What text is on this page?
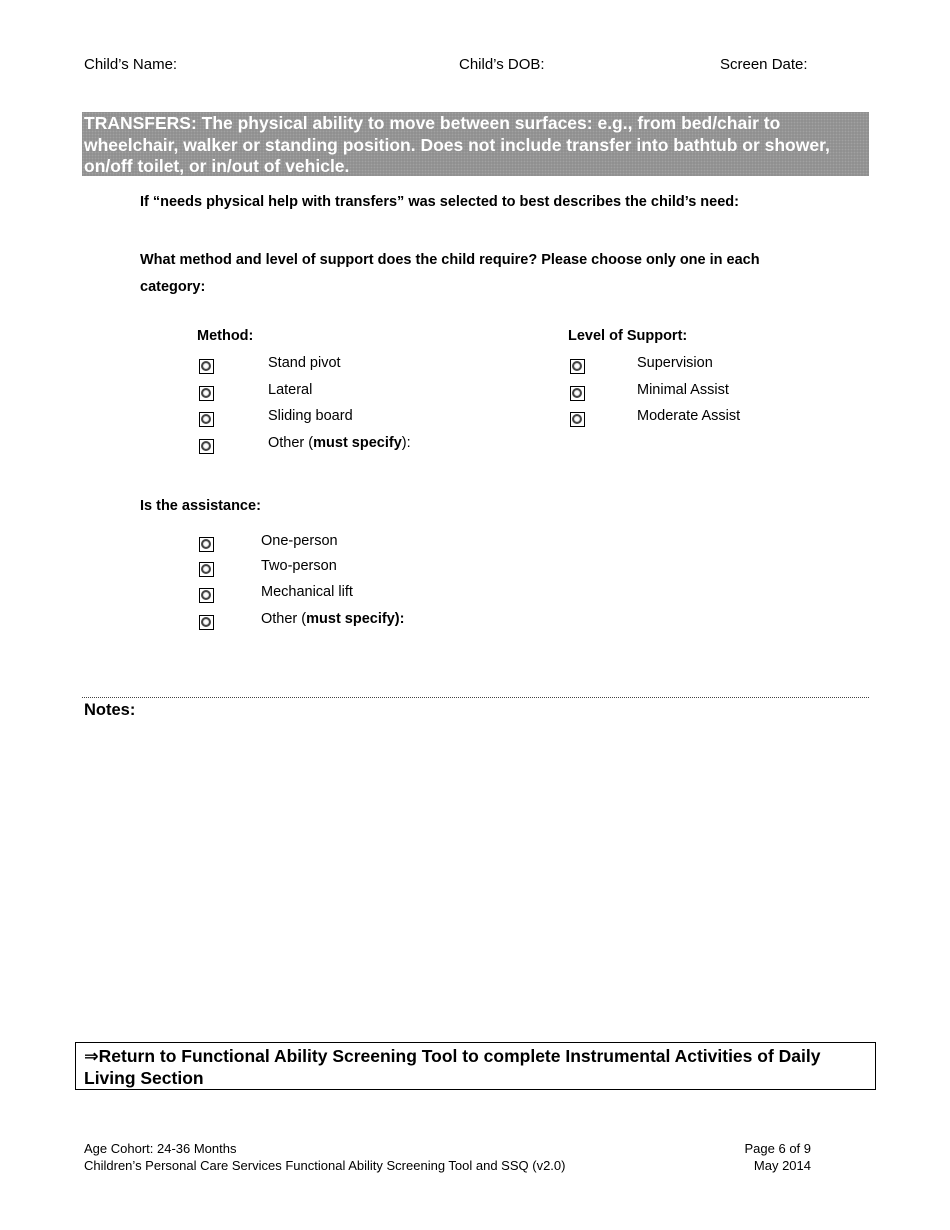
Child’s Name:	Child’s DOB:	Screen Date:
TRANSFERS: The physical ability to move between surfaces: e.g., from bed/chair to wheelchair, walker or standing position. Does not include transfer into bathtub or shower, on/off toilet, or in/out of vehicle.
If “needs physical help with transfers” was selected to best describes the child’s need:
What method and level of support does the child require? Please choose only one in each category:
Method:
Stand pivot
Lateral
Sliding board
Other (must specify):
Level of Support:
Supervision
Minimal Assist
Moderate Assist
Is the assistance:
One-person
Two-person
Mechanical lift
Other (must specify):
Notes:
⇒Return to Functional Ability Screening Tool to complete Instrumental Activities of Daily Living Section
Age Cohort: 24-36 Months
Children’s Personal Care Services Functional Ability Screening Tool and SSQ (v2.0)
Page 6 of 9
May 2014
